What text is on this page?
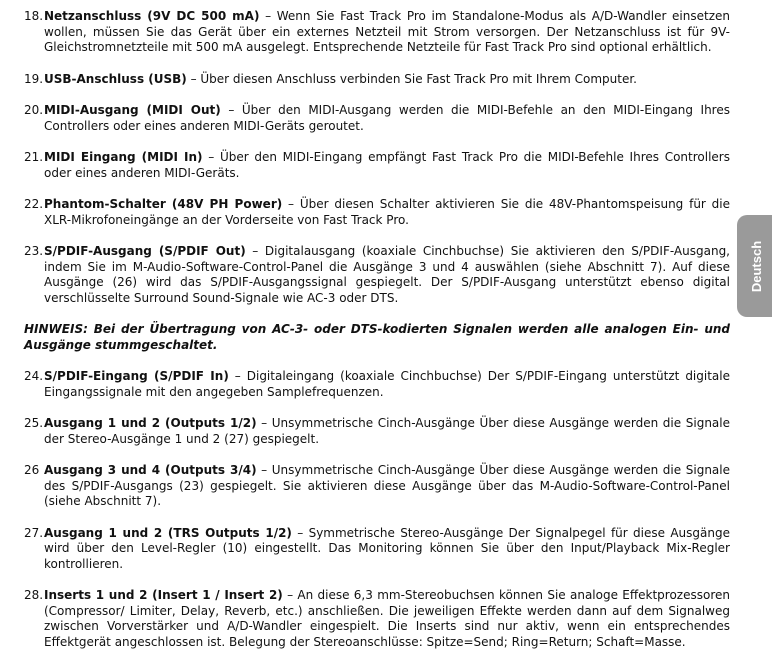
18. Netzanschluss (9V DC 500 mA) – Wenn Sie Fast Track Pro im Standalone-Modus als A/D-Wandler einsetzen wollen, müssen Sie das Gerät über ein externes Netzteil mit Strom versorgen. Der Netzanschluss ist für 9V-Gleichstromnetzteile mit 500 mA ausgelegt. Entsprechende Netzteile für Fast Track Pro sind optional erhältlich.
19. USB-Anschluss (USB) – Über diesen Anschluss verbinden Sie Fast Track Pro mit Ihrem Computer.
20. MIDI-Ausgang (MIDI Out) – Über den MIDI-Ausgang werden die MIDI-Befehle an den MIDI-Eingang Ihres Controllers oder eines anderen MIDI-Geräts geroutet.
21. MIDI Eingang (MIDI In) – Über den MIDI-Eingang empfängt Fast Track Pro die MIDI-Befehle Ihres Controllers oder eines anderen MIDI-Geräts.
22. Phantom-Schalter (48V PH Power) – Über diesen Schalter aktivieren Sie die 48V-Phantomspeisung für die XLR-Mikrofoneingänge an der Vorderseite von Fast Track Pro.
23. S/PDIF-Ausgang (S/PDIF Out) – Digitalausgang (koaxiale Cinchbuchse) Sie aktivieren den S/PDIF-Ausgang, indem Sie im M-Audio-Software-Control-Panel die Ausgänge 3 und 4 auswählen (siehe Abschnitt 7). Auf diese Ausgänge (26) wird das S/PDIF-Ausgangssignal gespiegelt. Der S/PDIF-Ausgang unterstützt ebenso digital verschlüsselte Surround Sound-Signale wie AC-3 oder DTS.
HINWEIS: Bei der Übertragung von AC-3- oder DTS-kodierten Signalen werden alle analogen Ein- und Ausgänge stummgeschaltet.
24. S/PDIF-Eingang (S/PDIF In) – Digitaleingang (koaxiale Cinchbuchse) Der S/PDIF-Eingang unterstützt digitale Eingangssignale mit den angegeben Samplefrequenzen.
25. Ausgang 1 und 2 (Outputs 1/2) – Unsymmetrische Cinch-Ausgänge Über diese Ausgänge werden die Signale der Stereo-Ausgänge 1 und 2 (27) gespiegelt.
26 Ausgang 3 und 4 (Outputs 3/4) – Unsymmetrische Cinch-Ausgänge Über diese Ausgänge werden die Signale des S/PDIF-Ausgangs (23) gespiegelt. Sie aktivieren diese Ausgänge über das M-Audio-Software-Control-Panel (siehe Abschnitt 7).
27. Ausgang 1 und 2 (TRS Outputs 1/2) – Symmetrische Stereo-Ausgänge Der Signalpegel für diese Ausgänge wird über den Level-Regler (10) eingestellt. Das Monitoring können Sie über den Input/Playback Mix-Regler kontrollieren.
28. Inserts 1 und 2 (Insert 1 / Insert 2) – An diese 6,3 mm-Stereobuchsen können Sie analoge Effektprozessoren (Compressor/ Limiter, Delay, Reverb, etc.) anschließen. Die jeweiligen Effekte werden dann auf dem Signalweg zwischen Vorverstärker und A/D-Wandler eingespielt. Die Inserts sind nur aktiv, wenn ein entsprechendes Effektgerät angeschlossen ist. Belegung der Stereoanschlüsse: Spitze=Send; Ring=Return; Schaft=Masse.
Deutsch
